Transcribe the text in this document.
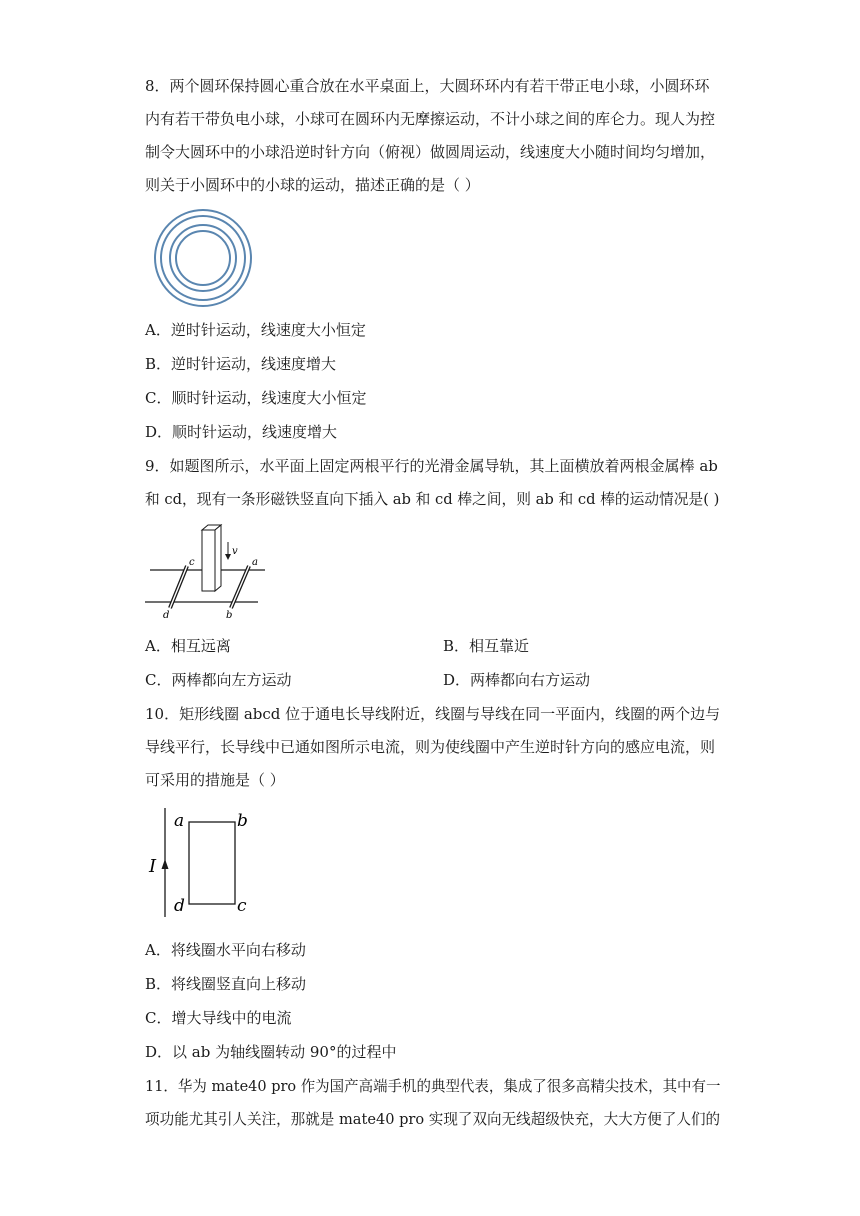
8．两个圆环保持圆心重合放在水平桌面上，大圆环环内有若干带正电小球，小圆环环
内有若干带负电小球，小球可在圆环内无摩擦运动，不计小球之间的库仑力。现人为控
制令大圆环中的小球沿逆时针方向（俯视）做圆周运动，线速度大小随时间均匀增加，
则关于小圆环中的小球的运动，描述正确的是（ ）
A．逆时针运动，线速度大小恒定
B．逆时针运动，线速度增大
C．顺时针运动，线速度大小恒定
D．顺时针运动，线速度增大
9．如题图所示，水平面上固定两根平行的光滑金属导轨，其上面横放着两根金属棒 ab
和 cd，现有一条形磁铁竖直向下插入 ab 和 cd 棒之间，则 ab 和 cd 棒的运动情况是( )
v
c	a
d	b
A．相互远离	B．相互靠近
C．两棒都向左方运动	D．两棒都向右方运动
10．矩形线圈 abcd 位于通电长导线附近，线圈与导线在同一平面内，线圈的两个边与
导线平行，长导线中已通如图所示电流，则为使线圈中产生逆时针方向的感应电流，则
可采用的措施是（ ）
I
a	b
d	c
A．将线圈水平向右移动
B．将线圈竖直向上移动
C．增大导线中的电流
D．以 ab 为轴线圈转动 90°的过程中
11．华为 mate40 pro 作为国产高端手机的典型代表，集成了很多高精尖技术，其中有一
项功能尤其引人关注，那就是 mate40 pro 实现了双向无线超级快充，大大方便了人们的
